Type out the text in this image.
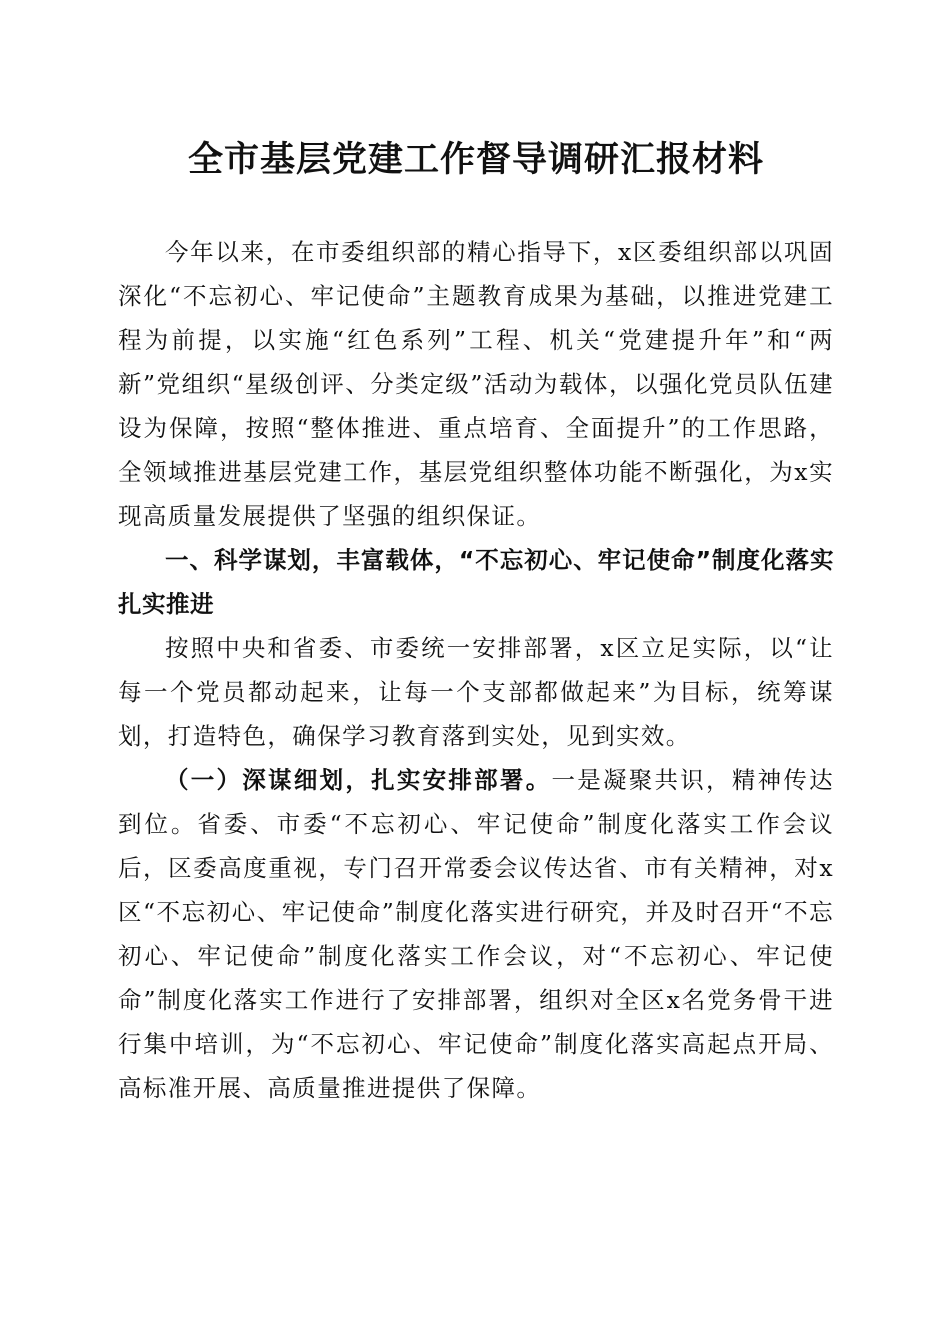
全市基层党建工作督导调研汇报材料

今年以来，在市委组织部的精心指导下，x区委组织部以巩固深化“不忘初心、牢记使命”主题教育成果为基础，以推进党建工程为前提，以实施“红色系列”工程、机关“党建提升年”和“两新”党组织“星级创评、分类定级”活动为载体，以强化党员队伍建设为保障，按照“整体推进、重点培育、全面提升”的工作思路，全领域推进基层党建工作，基层党组织整体功能不断强化，为x实现高质量发展提供了坚强的组织保证。

一、科学谋划，丰富载体，“不忘初心、牢记使命”制度化落实扎实推进

按照中央和省委、市委统一安排部署，x区立足实际，以“让每一个党员都动起来，让每一个支部都做起来”为目标，统筹谋划，打造特色，确保学习教育落到实处，见到实效。

（一）深谋细划，扎实安排部署。一是凝聚共识，精神传达到位。省委、市委“不忘初心、牢记使命”制度化落实工作会议后，区委高度重视，专门召开常委会议传达省、市有关精神，对x区“不忘初心、牢记使命”制度化落实进行研究，并及时召开“不忘初心、牢记使命”制度化落实工作会议，对“不忘初心、牢记使命”制度化落实工作进行了安排部署，组织对全区x名党务骨干进行集中培训，为“不忘初心、牢记使命”制度化落实高起点开局、高标准开展、高质量推进提供了保障。
